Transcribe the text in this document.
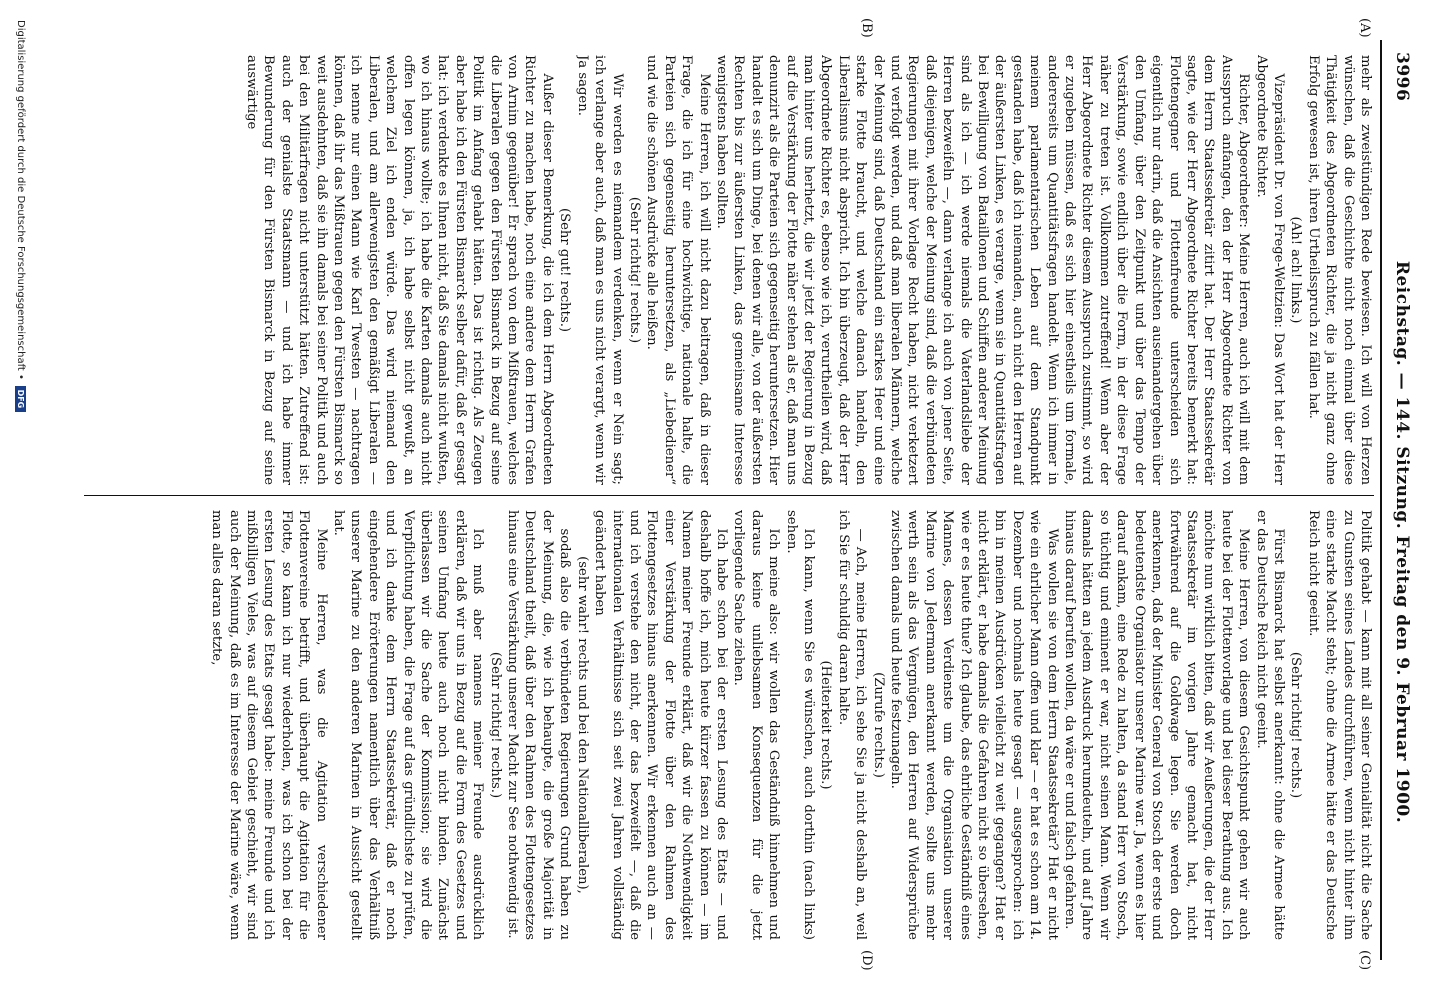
3996
Reichstag. — 144. Sitzung. Freitag den 9. Februar 1900.
(A)
(B)
(C)
(D)

mehr als zweistündigen Rede bewiesen. Ich will von Herzen wünschen, daß die Geschichte nicht noch einmal über diese Thätigkeit des Abgeordneten Richter, die ja nicht ganz ohne Erfolg gewesen ist, ihren Urtheilsspruch zu fällen hat.

(Ah! ach! links.)

Vizepräsident Dr. von Frege-Weltzien: Das Wort hat der Herr Abgeordnete Richter.

Richter, Abgeordneter: Meine Herren, auch ich will mit dem Ausspruch anfangen, den der Herr Abgeordnete Richter von dem Herrn Staatssekretär zitirt hat. Der Herr Staatssekretär sagte, wie der Herr Abgeordnete Richter bereits bemerkt hat: Flottengegner und Flottenfreunde unterscheiden sich eigentlich nur darin, daß die Ansichten auseinandergehen über den Umfang, über den Zeitpunkt und über das Tempo der Verstärkung, sowie endlich über die Form, in der diese Frage näher zu treten ist. Vollkommen zutreffend! Wenn aber der Herr Abgeordnete Richter diesem Ausspruch zustimmt, so wird er zugeben müssen, daß es sich hier einestheils um formale, andererseits um Quantitätsfragen handelt. Wenn ich immer in meinem parlamentarischen Leben auf dem Standpunkt gestanden habe, daß ich niemanden, auch nicht den Herren auf der äußersten Linken, es verarge, wenn sie in Quantitätsfragen bei Bewilligung von Bataillonen und Schiffen anderer Meinung sind als ich — ich werde niemals die Vaterlandsliebe der Herren bezweifeln —, dann verlange ich auch von jener Seite, daß diejenigen, welche der Meinung sind, daß die verbündeten Regierungen mit ihrer Vorlage Recht haben, nicht verketzert und verfolgt werden, und daß man liberalen Männern, welche der Meinung sind, daß Deutschland ein starkes Heer und eine starke Flotte braucht, und welche danach handeln, den Liberalismus nicht abspricht. Ich bin überzeugt, daß der Herr Abgeordnete Richter es, ebenso wie ich, verurtheilen wird, daß man hinter uns herhetzt, die wir jetzt der Regierung in Bezug auf die Verstärkung der Flotte näher stehen als er, daß man uns denunzirt als die Parteien sich gegenseitig heruntersetzen. Hier handelt es sich um Dinge, bei denen wir alle, von der äußersten Rechten bis zur äußersten Linken, das gemeinsame Interesse wenigstens haben sollten.

Meine Herren, ich will nicht dazu beitragen, daß in dieser Frage, die ich für eine hochwichtige, nationale halte, die Parteien sich gegenseitig heruntersetzen, als „Liebediener“ und wie die schönen Ausdrücke alle heißen.

(Sehr richtig! rechts.)

Wir werden es niemandem verdenken, wenn er Nein sagt; ich verlange aber auch, daß man es uns nicht verargt, wenn wir Ja sagen.

(Sehr gut! rechts.)

Außer dieser Bemerkung, die ich dem Herrn Abgeordneten Richter zu machen habe, noch eine andere dem Herrn Grafen von Arnim gegenüber! Er sprach von dem Mißtrauen, welches die Liberalen gegen den Fürsten Bismarck in Bezug auf seine Politik im Anfang gehabt hätten. Das ist richtig. Als Zeugen aber habe ich den Fürsten Bismarck selber dafür, daß er gesagt hat: ich verdenkte es Ihnen nicht, daß Sie damals nicht wußten, wo ich hinaus wollte; ich habe die Karten damals auch nicht offen legen können, ja, ich habe selbst nicht gewußt, an welchem Ziel ich enden würde. Das wird niemand den Liberalen, und am allerwenigsten den gemäßigt Liberalen — ich nenne nur einen Mann wie Karl Twesten — nachtragen können, daß ihr das Mißtrauen gegen den Fürsten Bismarck so weit ausdehnten, daß sie ihn damals bei seiner Politik und auch bei den Militärfragen nicht unterstützt hätten. Zutreffend ist: auch der genialste Staatsmann — und ich habe immer Bewunderung für den Fürsten Bismarck in Bezug auf seine auswärtige

Politik gehabt — kann mit all seiner Genialität nicht die Sache zu Gunsten seines Landes durchführen, wenn nicht hinter ihm eine starke Macht steht; ohne die Armee hätte er das Deutsche Reich nicht geeint.

(Sehr richtig! rechts.)

Fürst Bismarck hat selbst anerkannt: ohne die Armee hätte er das Deutsche Reich nicht geeint.

Meine Herren, von diesem Gesichtspunkt gehen wir auch heute bei der Flottenvorlage und bei dieser Berathung aus. Ich möchte nun wirklich bitten, daß wir Aeußerungen, die der Herr Staatssekretär im vorigen Jahre gemacht hat, nicht fortwährend auf die Goldwage legen. Sie werden doch anerkennen, daß der Minister General von Stosch der erste und bedeutendste Organisator unserer Marine war. Ja, wenn es hier darauf ankam, eine Rede zu halten, da stand Herr von Stosch, so tüchtig und eminent er war, nicht seinen Mann. Wenn wir damals hätten an jedem Ausdruck herumdeuteln, und auf Jahre hinaus darauf berufen wollen, da wäre er und falsch gefahren.

Was wollen sie von dem Herrn Staatssekretär? Hat er nicht wie ein ehrlicher Mann offen und klar — er hat es schon am 14. Dezember und nochmals heute gesagt — ausgesprochen: ich bin in meinen Ausdrücken vielleicht zu weit gegangen? Hat er nicht erklärt, er habe damals die Gefahren nicht so übersehen, wie er es heute thue? Ich glaube, das ehrliche Geständniß eines Mannes, dessen Verdienste um die Organisation unserer Marine von Jedermann anerkannt werden, sollte uns mehr werth sein als das Vergnügen, den Herren auf Widersprüche zwischen damals und heute festzunageln.

(Zurufe rechts.)

— Ach, meine Herren, ich sehe Sie ja nicht deshalb an, weil ich Sie für schuldig daran halte.

(Heiterkeit rechts.)

Ich kann, wenn Sie es wünschen, auch dorthin (nach links) sehen.

Ich meine also: wir wollen das Geständniß hinnehmen und daraus keine unliebsamen Konsequenzen für die jetzt vorliegende Sache ziehen.

Ich habe schon bei der ersten Lesung des Etats — und deshalb hoffe ich, mich heute kürzer fassen zu können — im Namen meiner Freunde erklärt, daß wir die Nothwendigkeit einer Verstärkung der Flotte über den Rahmen des Flottengesetzes hinaus anerkennen. Wir erkennen auch an — und ich verstehe den nicht, der das bezweifelt —, daß die internationalen Verhältnisse sich seit zwei Jahren vollständig geändert haben

(sehr wahr! rechts und bei den Nationalliberalen),

sodaß also die verbündeten Regierungen Grund haben zu der Meinung, die, wie ich behaupte, die große Majorität in Deutschland theilt, daß über den Rahmen des Flottengesetzes hinaus eine Verstärkung unserer Macht zur See nothwendig ist.

(Sehr richtig! rechts.)

Ich muß aber namens meiner Freunde ausdrücklich erklären, daß wir uns in Bezug auf die Form des Gesetzes und seinen Umfang heute auch noch nicht binden. Zunächst überlassen wir die Sache der Kommission; sie wird die Verpflichtung haben, die Frage auf das gründlichste zu prüfen, und ich danke dem Herrn Staatssekretär, daß er noch eingehendere Erörterungen namentlich über das Verhältniß unserer Marine zu den anderen Marinen in Aussicht gestellt hat.

Meine Herren, was die Agitation verschiedener Flottenvereine betrifft, und überhaupt die Agitation für die Flotte, so kann ich nur wiederholen, was ich schon bei der ersten Lesung des Etats gesagt habe: meine Freunde und ich mißbilligen Vieles, was auf diesem Gebiet geschieht, wir sind auch der Meinung, daß es im Interesse der Marine wäre, wenn man alles daran setzte,

Digitalisierung gefördert durch die Deutsche Forschungsgemeinschaft •
DFG
